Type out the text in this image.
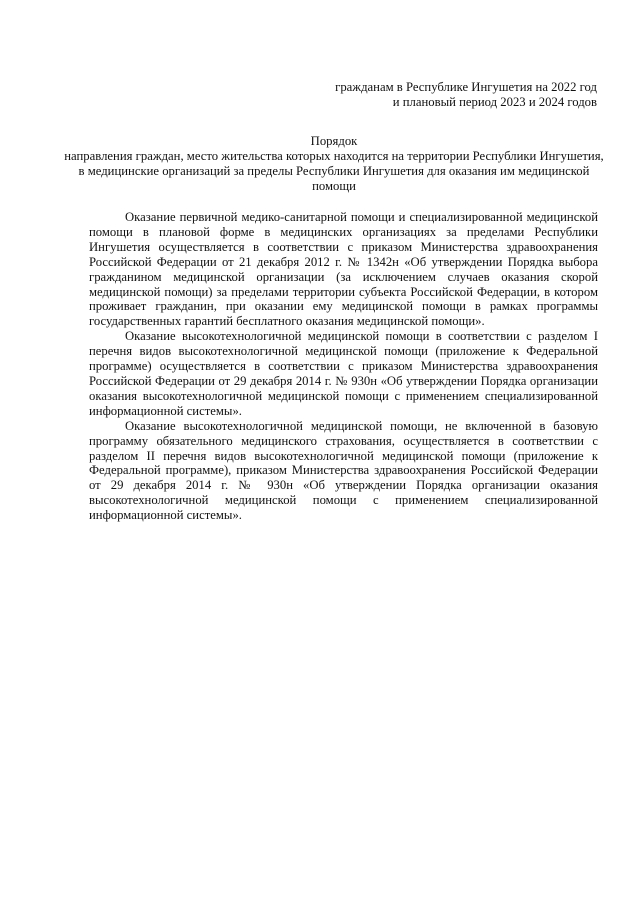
гражданам в Республике Ингушетия на 2022 год
и плановый период 2023 и 2024 годов
Порядок
направления граждан, место жительства которых находится на территории Республики Ингушетия, в медицинские организаций за пределы Республики Ингушетия для оказания им медицинской помощи

Оказание первичной медико-санитарной помощи и специализированной медицинской помощи в плановой форме в медицинских организациях за пределами Республики Ингушетия осуществляется в соответствии с приказом Министерства здравоохранения Российской Федерации от 21 декабря 2012 г. № 1342н «Об утверждении Порядка выбора гражданином медицинской организации (за исключением случаев оказания скорой медицинской помощи) за пределами территории субъекта Российской Федерации, в котором проживает гражданин, при оказании ему медицинской помощи в рамках программы государственных гарантий бесплатного оказания медицинской помощи».

Оказание высокотехнологичной медицинской помощи в соответствии с разделом I перечня видов высокотехнологичной медицинской помощи (приложение к Федеральной программе) осуществляется в соответствии с приказом Министерства здравоохранения Российской Федерации от 29 декабря 2014 г. № 930н «Об утверждении Порядка организации оказания высокотехнологичной медицинской помощи с применением специализированной информационной системы».

Оказание высокотехнологичной медицинской помощи, не включенной в базовую программу обязательного медицинского страхования, осуществляется в соответствии с разделом II перечня видов высокотехнологичной медицинской помощи (приложение к Федеральной программе), приказом Министерства здравоохранения Российской Федерации от 29 декабря 2014 г. № 930н «Об утверждении Порядка организации оказания высокотехнологичной медицинской помощи с применением специализированной информационной системы».
